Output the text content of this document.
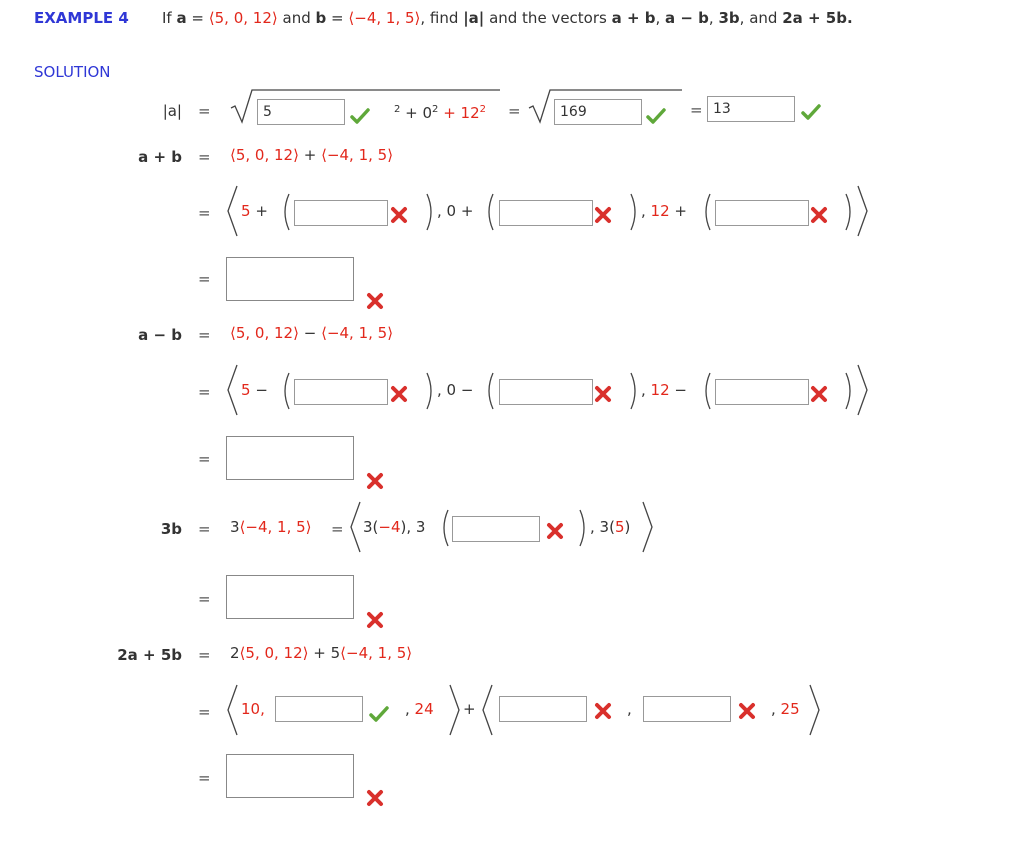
EXAMPLE 4 If a = ⟨5, 0, 12⟩ and b = ⟨−4, 1, 5⟩, find |a| and the vectors a + b, a − b, 3b, and 2a + 5b.
SOLUTION
|a| =
5	$^2 + 0^2 + 12^2$ =
169	=
13
a + b = ⟨5, 0, 12⟩ + ⟨−4, 1, 5⟩
= 5 +	, 0 +	, 12 +
=
a − b = ⟨5, 0, 12⟩ − ⟨−4, 1, 5⟩
= 5 −	, 0 −	, 12 −
=
3b = 3⟨−4, 1, 5⟩ = 3(−4), 3	, 3(5)
=
2a + 5b = 2⟨5, 0, 12⟩ + 5⟨−4, 1, 5⟩
= 10,	, 24 +	,	, 25
=
